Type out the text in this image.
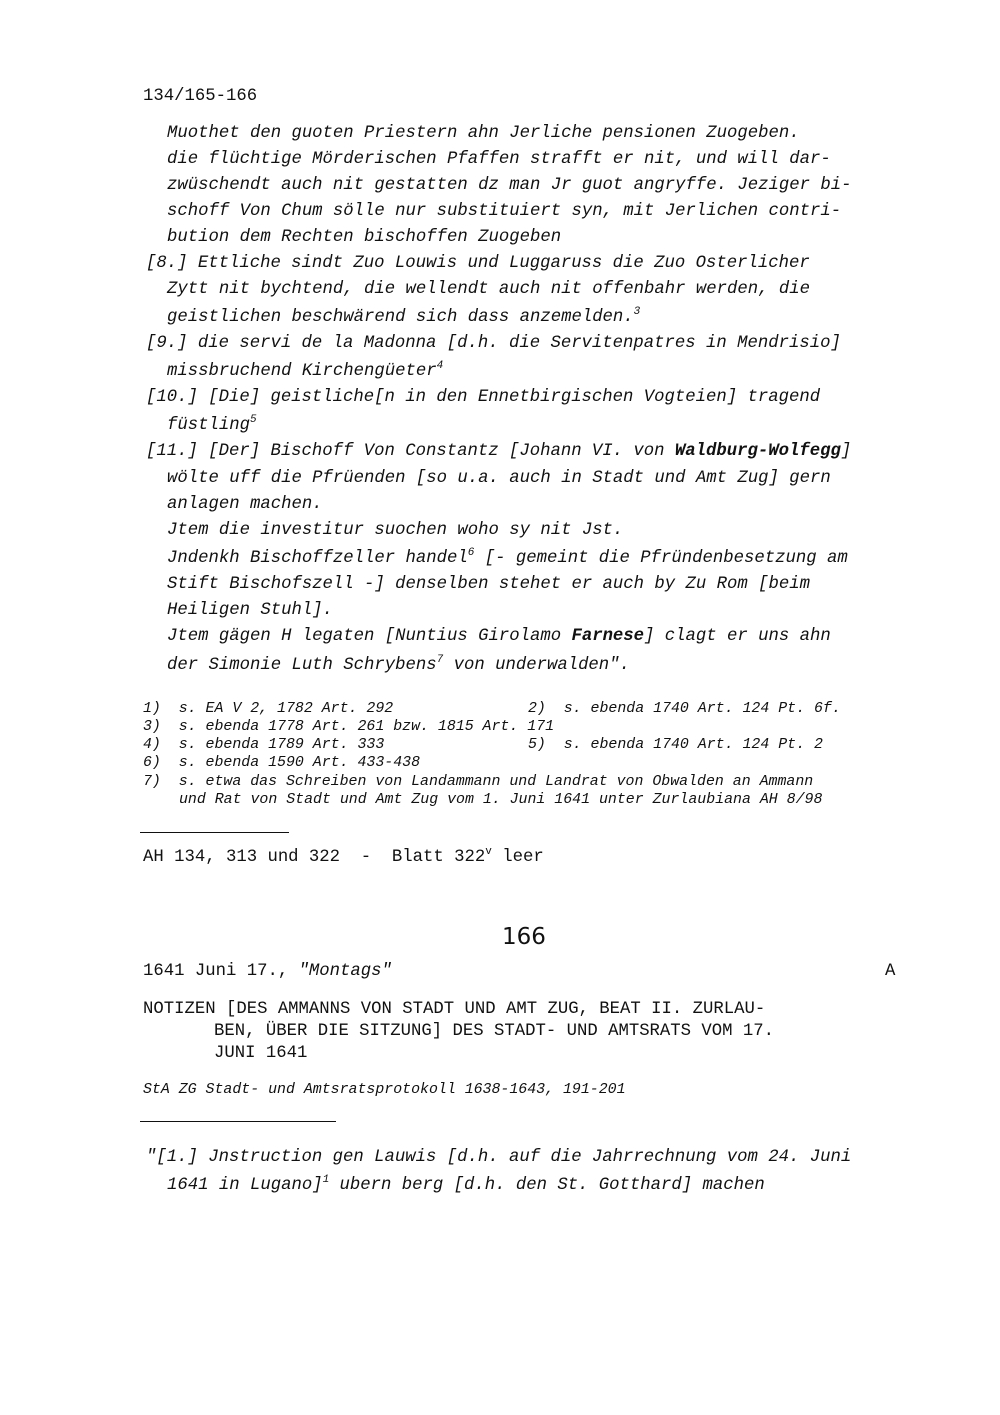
134/165-166
Muothet den guoten Priestern ahn Jerliche pensionen Zuogeben.
die flüchtige Mörderischen Pfaffen strafft er nit, und will dar-
zwüschendt auch nit gestatten dz man Jr guot angryffe. Jeziger bi-
schoff Von Chum sölle nur substituiert syn, mit Jerlichen contri-
bution dem Rechten bischoffen Zuogeben
[8.] Ettliche sindt Zuo Louwis und Luggaruss die Zuo Osterlicher
Zytt nit bychtend, die wellendt auch nit offenbahr werden, die
geistlichen beschwärend sich dass anzemelden.$^3$
[9.] die servi de la Madonna [d.h. die Servitenpatres in Mendrisio]
missbruchend Kirchengüeter$^4$
[10.] [Die] geistliche[n in den Ennetbirgischen Vogteien] tragend
füstling$^5$
[11.] [Der] Bischoff Von Constantz [Johann VI. von Waldburg-Wolfegg]
wölte uff die Pfrüenden [so u.a. auch in Stadt und Amt Zug] gern
anlagen machen.
Jtem die investitur suochen woho sy nit Jst.
Jndenkh Bischoffzeller handel$^6$ [- gemeint die Pfründenbesetzung am
Stift Bischofszell -] denselben stehet er auch by Zu Rom [beim
Heiligen Stuhl].
Jtem gägen H legaten [Nuntius Girolamo Farnese] clagt er uns ahn
der Simonie Luth Schrybens$^7$ von underwalden".
1)  s. EA V 2, 1782 Art. 292	2)  s. ebenda 1740 Art. 124 Pt. 6f.
3)  s. ebenda 1778 Art. 261 bzw. 1815 Art. 171
4)  s. ebenda 1789 Art. 333	5)  s. ebenda 1740 Art. 124 Pt. 2
6)  s. ebenda 1590 Art. 433-438
7)  s. etwa das Schreiben von Landammann und Landrat von Obwalden an Ammann
und Rat von Stadt und Amt Zug vom 1. Juni 1641 unter Zurlaubiana AH 8/98
AH 134, 313 und 322  -  Blatt 322$^v$ leer
166
1641 Juni 17., "Montags"	A
NOTIZEN [DES AMMANNS VON STADT UND AMT ZUG, BEAT II. ZURLAU-
BEN, ÜBER DIE SITZUNG] DES STADT- UND AMTSRATS VOM 17.
JUNI 1641
StA ZG Stadt- und Amtsratsprotokoll 1638-1643, 191-201
"[1.] Jnstruction gen Lauwis [d.h. auf die Jahrrechnung vom 24. Juni
1641 in Lugano]$^1$ ubern berg [d.h. den St. Gotthard] machen
